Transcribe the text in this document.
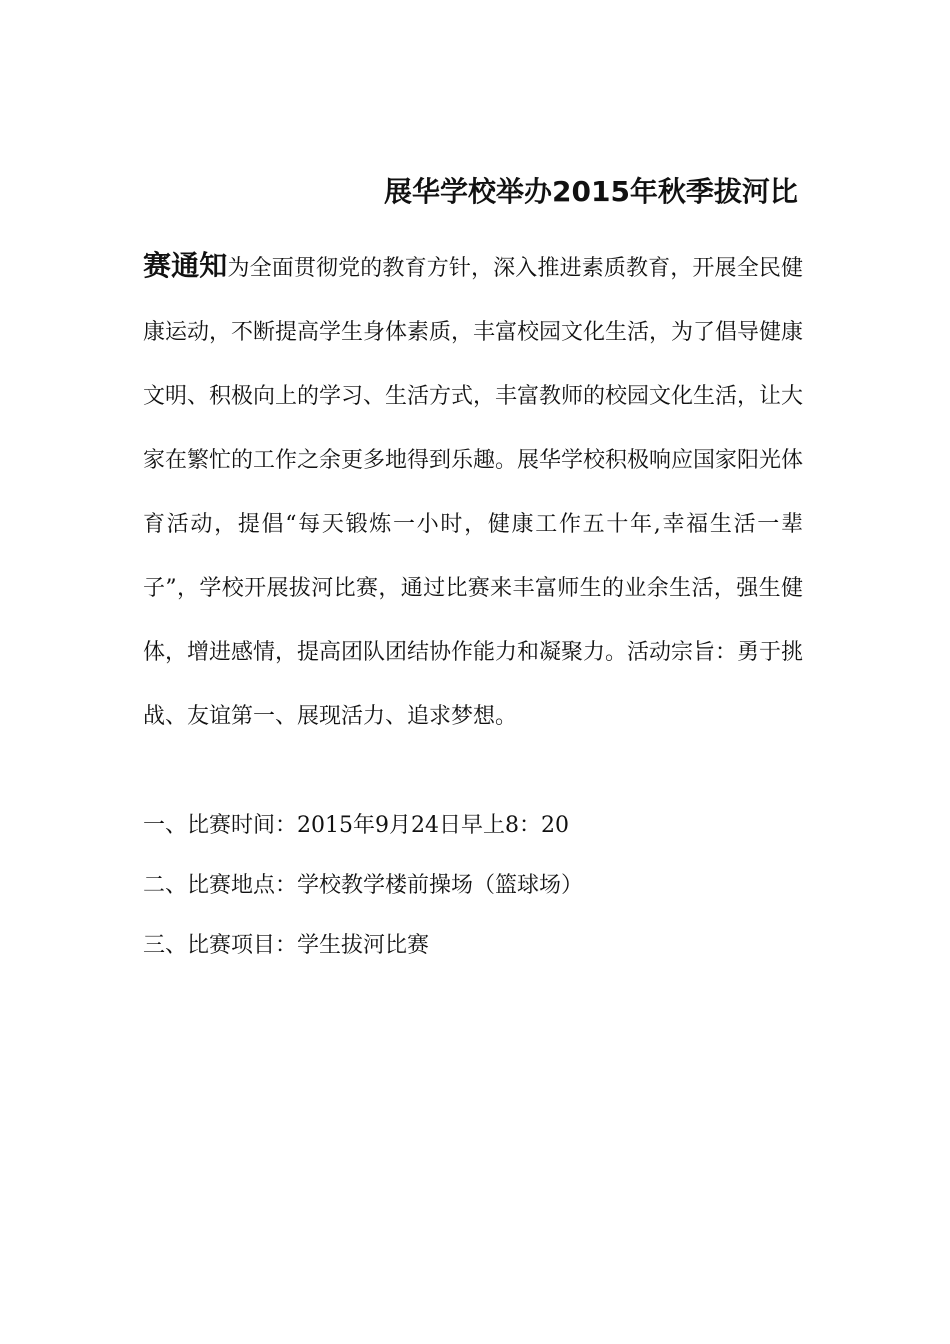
展华学校举办2015年秋季拔河比
赛通知为全面贯彻党的教育方针，深入推进素质教育，开展全民健康运动，不断提高学生身体素质，丰富校园文化生活，为了倡导健康文明、积极向上的学习、生活方式，丰富教师的校园文化生活，让大家在繁忙的工作之余更多地得到乐趣。展华学校积极响应国家阳光体育活动，提倡“每天锻炼一小时，健康工作五十年,幸福生活一辈子”，学校开展拔河比赛，通过比赛来丰富师生的业余生活，强生健体，增进感情，提高团队团结协作能力和凝聚力。活动宗旨：勇于挑战、友谊第一、展现活力、追求梦想。
一、比赛时间：2015年9月24日早上8：20
二、比赛地点：学校教学楼前操场（篮球场）
三、比赛项目：学生拔河比赛
